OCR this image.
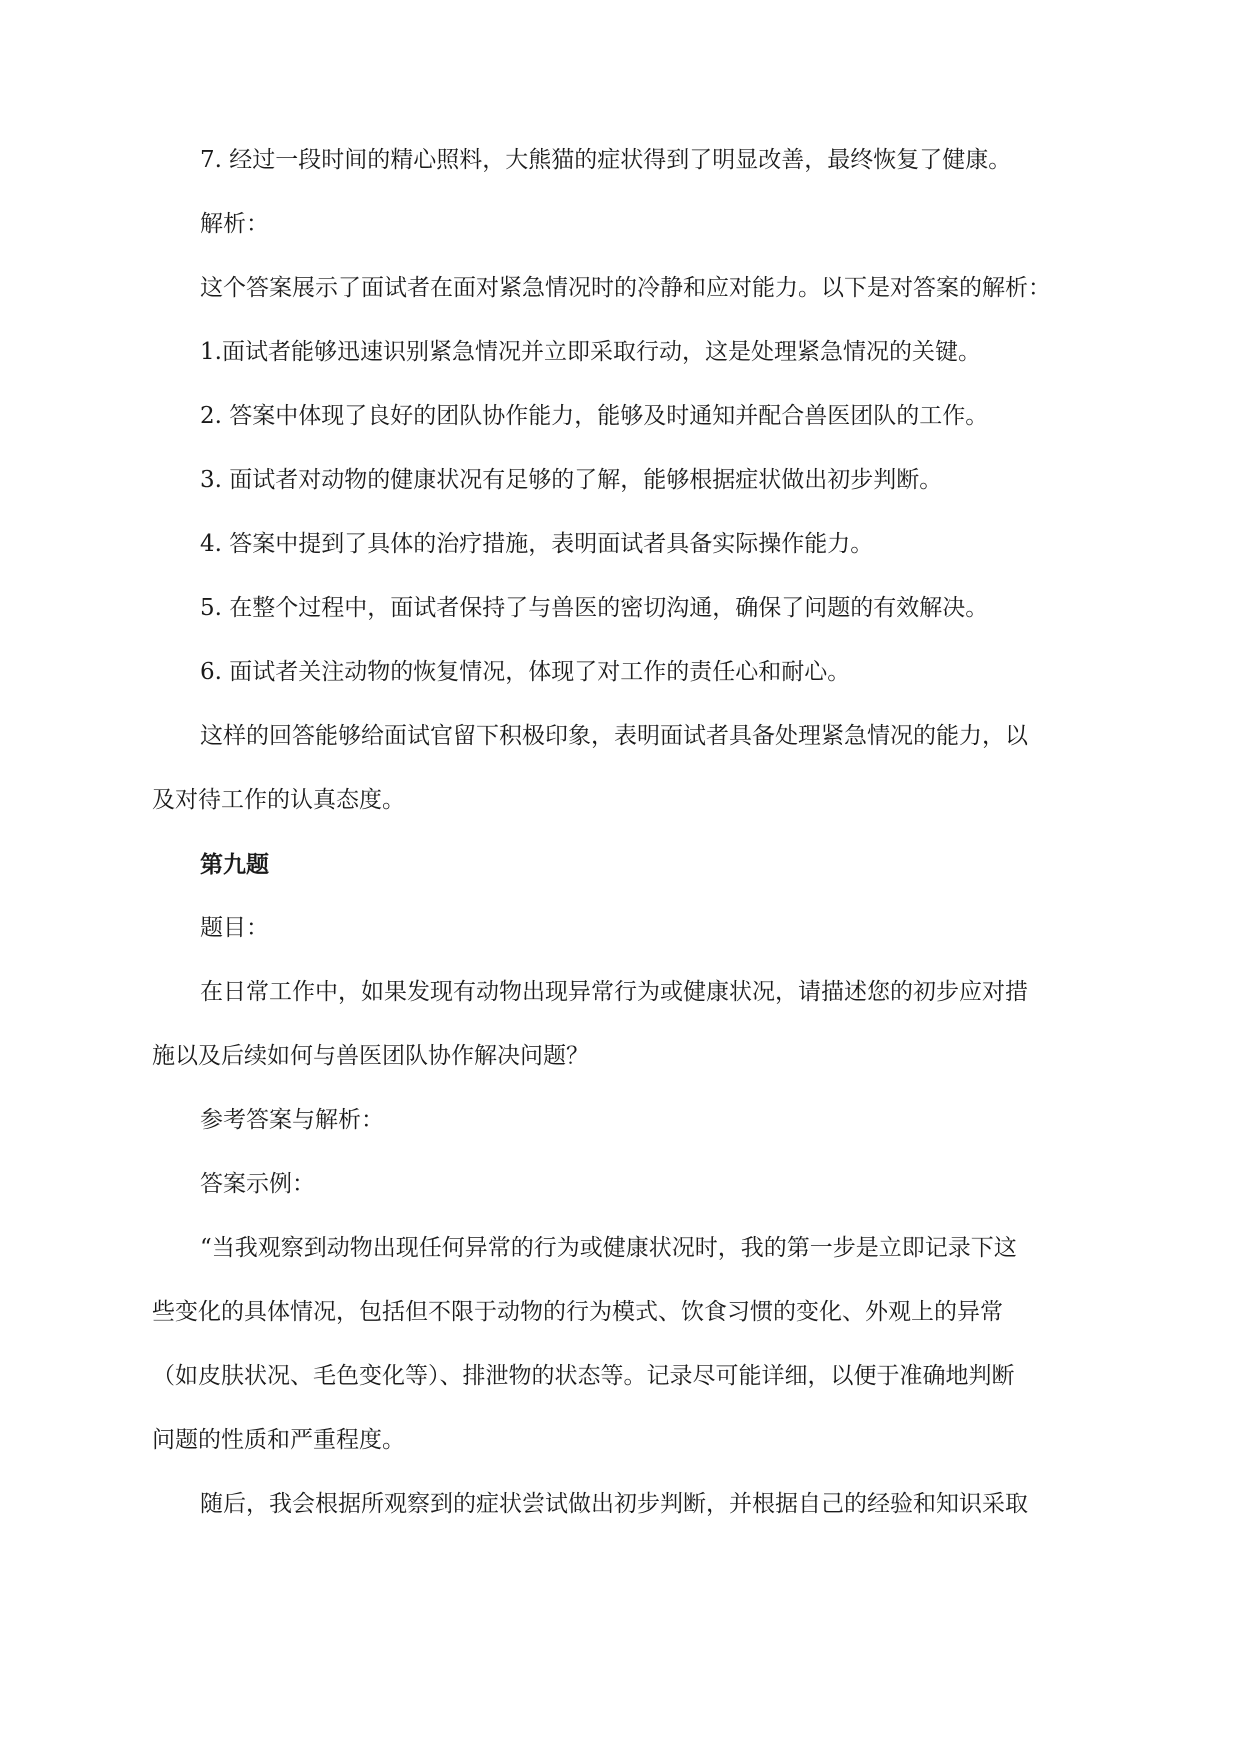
7. 经过一段时间的精心照料，大熊猫的症状得到了明显改善，最终恢复了健康。

解析：

这个答案展示了面试者在面对紧急情况时的冷静和应对能力。以下是对答案的解析：

1.面试者能够迅速识别紧急情况并立即采取行动，这是处理紧急情况的关键。

2. 答案中体现了良好的团队协作能力，能够及时通知并配合兽医团队的工作。

3. 面试者对动物的健康状况有足够的了解，能够根据症状做出初步判断。

4. 答案中提到了具体的治疗措施，表明面试者具备实际操作能力。

5. 在整个过程中，面试者保持了与兽医的密切沟通，确保了问题的有效解决。

6. 面试者关注动物的恢复情况，体现了对工作的责任心和耐心。

这样的回答能够给面试官留下积极印象，表明面试者具备处理紧急情况的能力，以

及对待工作的认真态度。

第九题

题目：

在日常工作中，如果发现有动物出现异常行为或健康状况，请描述您的初步应对措

施以及后续如何与兽医团队协作解决问题？

参考答案与解析：

答案示例：

“当我观察到动物出现任何异常的行为或健康状况时，我的第一步是立即记录下这

些变化的具体情况，包括但不限于动物的行为模式、饮食习惯的变化、外观上的异常

（如皮肤状况、毛色变化等）、排泄物的状态等。记录尽可能详细，以便于准确地判断

问题的性质和严重程度。

随后，我会根据所观察到的症状尝试做出初步判断，并根据自己的经验和知识采取
